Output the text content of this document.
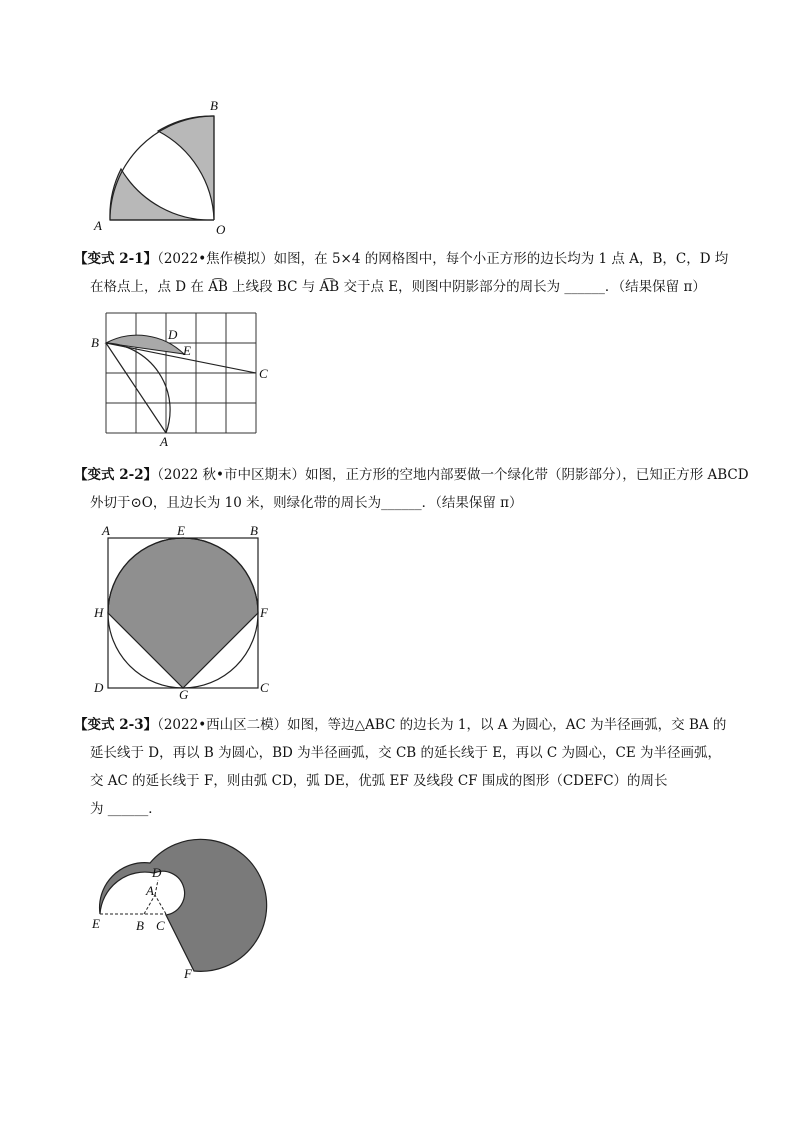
B
A	O
【变式 2-1】（2022•焦作模拟）如图，在 5×4 的网格图中，每个小正方形的边长均为 1 点 A，B，C，D 均
在格点上，点 D 在 A͡B 上线段 BC 与 A͡B 交于点 E，则图中阴影部分的周长为 ______．（结果保留 π）
B
D
E
C
A
【变式 2-2】（2022 秋•市中区期末）如图，正方形的空地内部要做一个绿化带（阴影部分），已知正方形 ABCD
外切于⊙O，且边长为 10 米，则绿化带的周长为______．（结果保留 π）
A	E	B
H	F
D	G	C
【变式 2-3】（2022•西山区二模）如图，等边△ABC 的边长为 1，以 A 为圆心，AC 为半径画弧，交 BA 的
延长线于 D，再以 B 为圆心，BD 为半径画弧，交 CB 的延长线于 E，再以 C 为圆心，CE 为半径画弧，
交 AC 的延长线于 F，则由弧 CD，弧 DE，优弧 EF 及线段 CF 围成的图形（CDEFC）的周长
为 ______．
D
A
E	B C
F
